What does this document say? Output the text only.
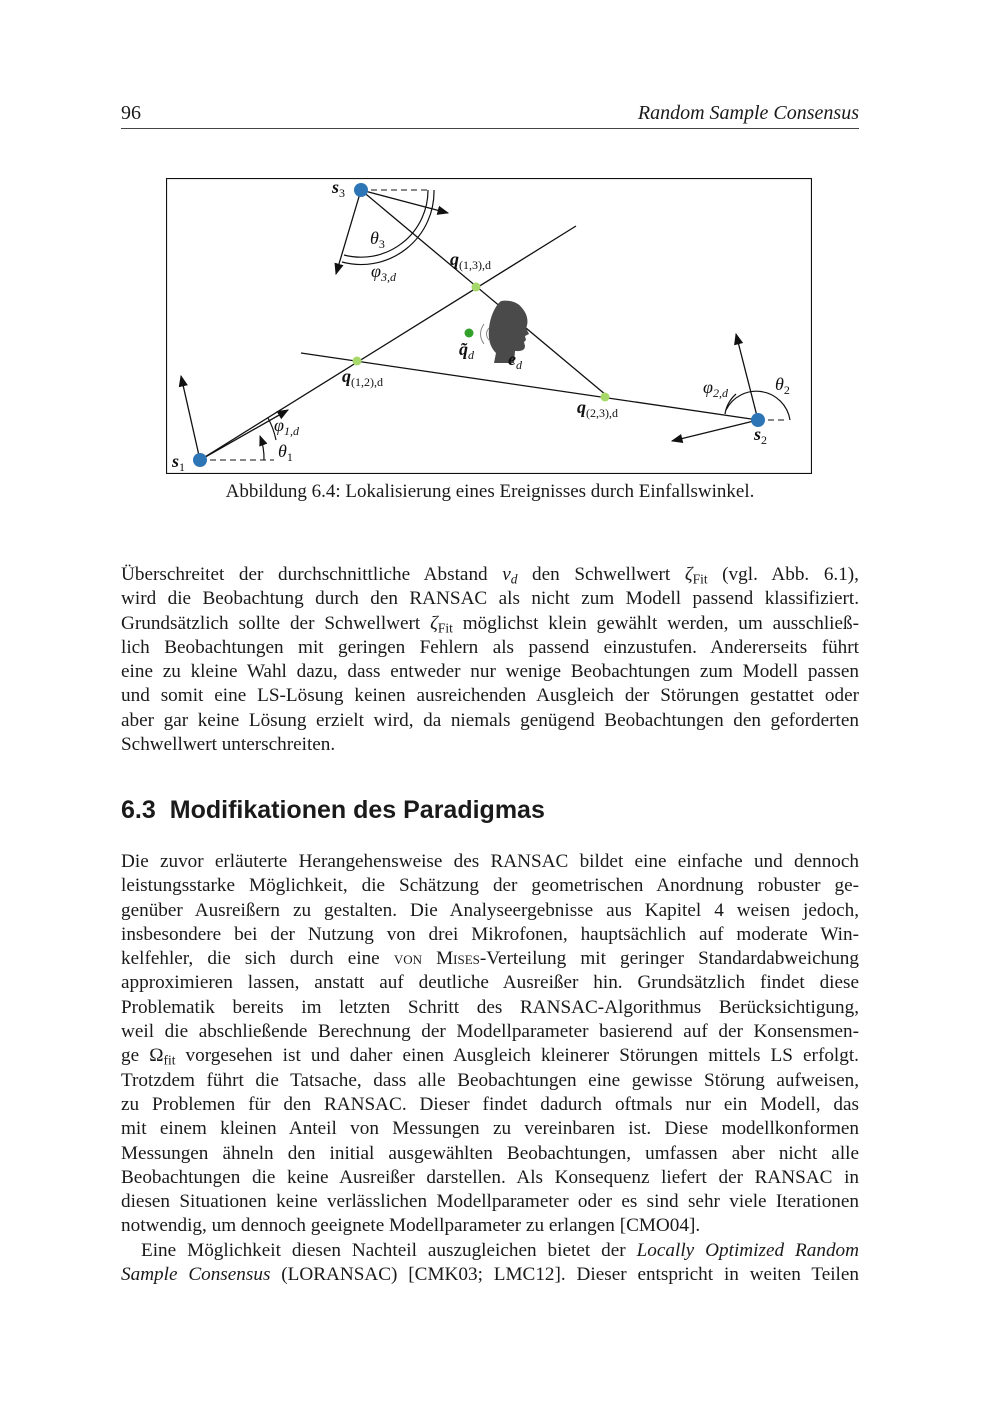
96	Random Sample Consensus
$s_1$
$s_2$
$s_3$
$\theta_1$
$\theta_2$
$\theta_3$
$\varphi_{1,d}$
$\varphi_{2,d}$
$\varphi_{3,d}$
$q_{(1,2),d}$
$q_{(1,3),d}$
$q_{(2,3),d}$
$q̃_d$ $e_d$
Abbildung 6.4: Lokalisierung eines Ereignisses durch Einfallswinkel.
Überschreitet der durchschnittliche Abstand $v_d$ den Schwellwert $\zeta_{Fit}$ (vgl. Abb. 6.1),
wird die Beobachtung durch den RANSAC als nicht zum Modell passend klassifiziert.
Grundsätzlich sollte der Schwellwert $\zeta_{Fit}$ möglichst klein gewählt werden, um ausschließ-
lich Beobachtungen mit geringen Fehlern als passend einzustufen. Andererseits führt
eine zu kleine Wahl dazu, dass entweder nur wenige Beobachtungen zum Modell passen
und somit eine LS-Lösung keinen ausreichenden Ausgleich der Störungen gestattet oder
aber gar keine Lösung erzielt wird, da niemals genügend Beobachtungen den geforderten
Schwellwert unterschreiten.
6.3 Modifikationen des Paradigmas
Die zuvor erläuterte Herangehensweise des RANSAC bildet eine einfache und dennoch
leistungsstarke Möglichkeit, die Schätzung der geometrischen Anordnung robuster ge-
genüber Ausreißern zu gestalten. Die Analyseergebnisse aus Kapitel 4 weisen jedoch,
insbesondere bei der Nutzung von drei Mikrofonen, hauptsächlich auf moderate Win-
kelfehler, die sich durch eine von Mises-Verteilung mit geringer Standardabweichung
approximieren lassen, anstatt auf deutliche Ausreißer hin. Grundsätzlich findet diese
Problematik bereits im letzten Schritt des RANSAC-Algorithmus Berücksichtigung,
weil die abschließende Berechnung der Modellparameter basierend auf der Konsensmen-
ge $\Omega_{fit}$ vorgesehen ist und daher einen Ausgleich kleinerer Störungen mittels LS erfolgt.
Trotzdem führt die Tatsache, dass alle Beobachtungen eine gewisse Störung aufweisen,
zu Problemen für den RANSAC. Dieser findet dadurch oftmals nur ein Modell, das
mit einem kleinen Anteil von Messungen zu vereinbaren ist. Diese modellkonformen
Messungen ähneln den initial ausgewählten Beobachtungen, umfassen aber nicht alle
Beobachtungen die keine Ausreißer darstellen. Als Konsequenz liefert der RANSAC in
diesen Situationen keine verlässlichen Modellparameter oder es sind sehr viele Iterationen
notwendig, um dennoch geeignete Modellparameter zu erlangen [CMO04].
Eine Möglichkeit diesen Nachteil auszugleichen bietet der Locally Optimized Random
Sample Consensus (LORANSAC) [CMK03; LMC12]. Dieser entspricht in weiten Teilen
